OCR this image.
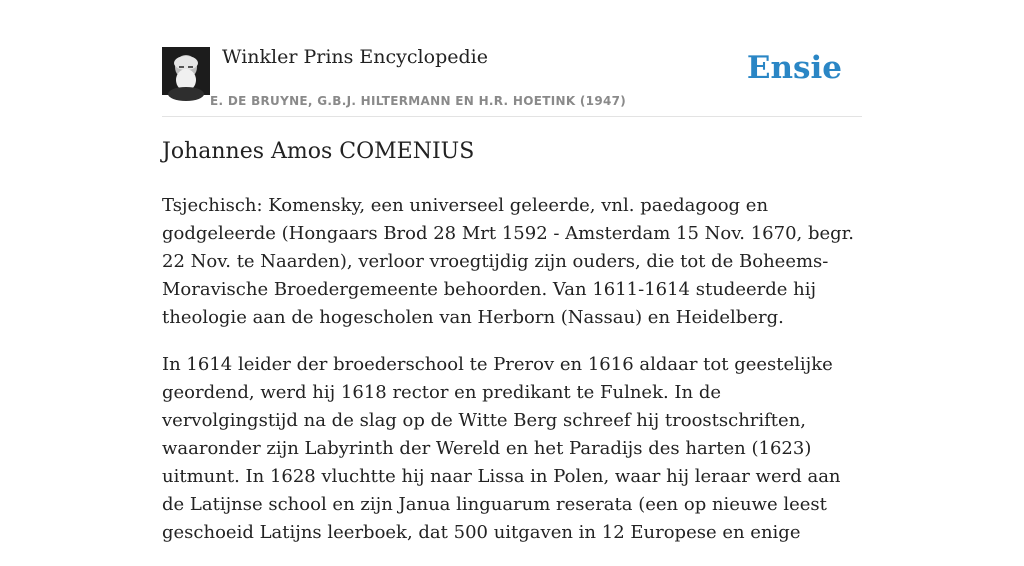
Winkler Prins Encyclopedie
E. DE BRUYNE, G.B.J. HILTERMANN EN H.R. HOETINK (1947)
Ensie
Johannes Amos COMENIUS

Tsjechisch: Komensky, een universeel geleerde, vnl. paedagoog en godgeleerde (Hongaars Brod 28 Mrt 1592 - Amsterdam 15 Nov. 1670, begr. 22 Nov. te Naarden), verloor vroegtijdig zijn ouders, die tot de Boheems-Moravische Broedergemeente behoorden. Van 1611-1614 studeerde hij theologie aan de hogescholen van Herborn (Nassau) en Heidelberg.

In 1614 leider der broederschool te Prerov en 1616 aldaar tot geestelijke geordend, werd hij 1618 rector en predikant te Fulnek. In de vervolgingstijd na de slag op de Witte Berg schreef hij troostschriften, waaronder zijn Labyrinth der Wereld en het Paradijs des harten (1623) uitmunt. In 1628 vluchtte hij naar Lissa in Polen, waar hij leraar werd aan de Latijnse school en zijn Janua linguarum reserata (een op nieuwe leest geschoeid Latijns leerboek, dat 500 uitgaven in 12 Europese en enige
